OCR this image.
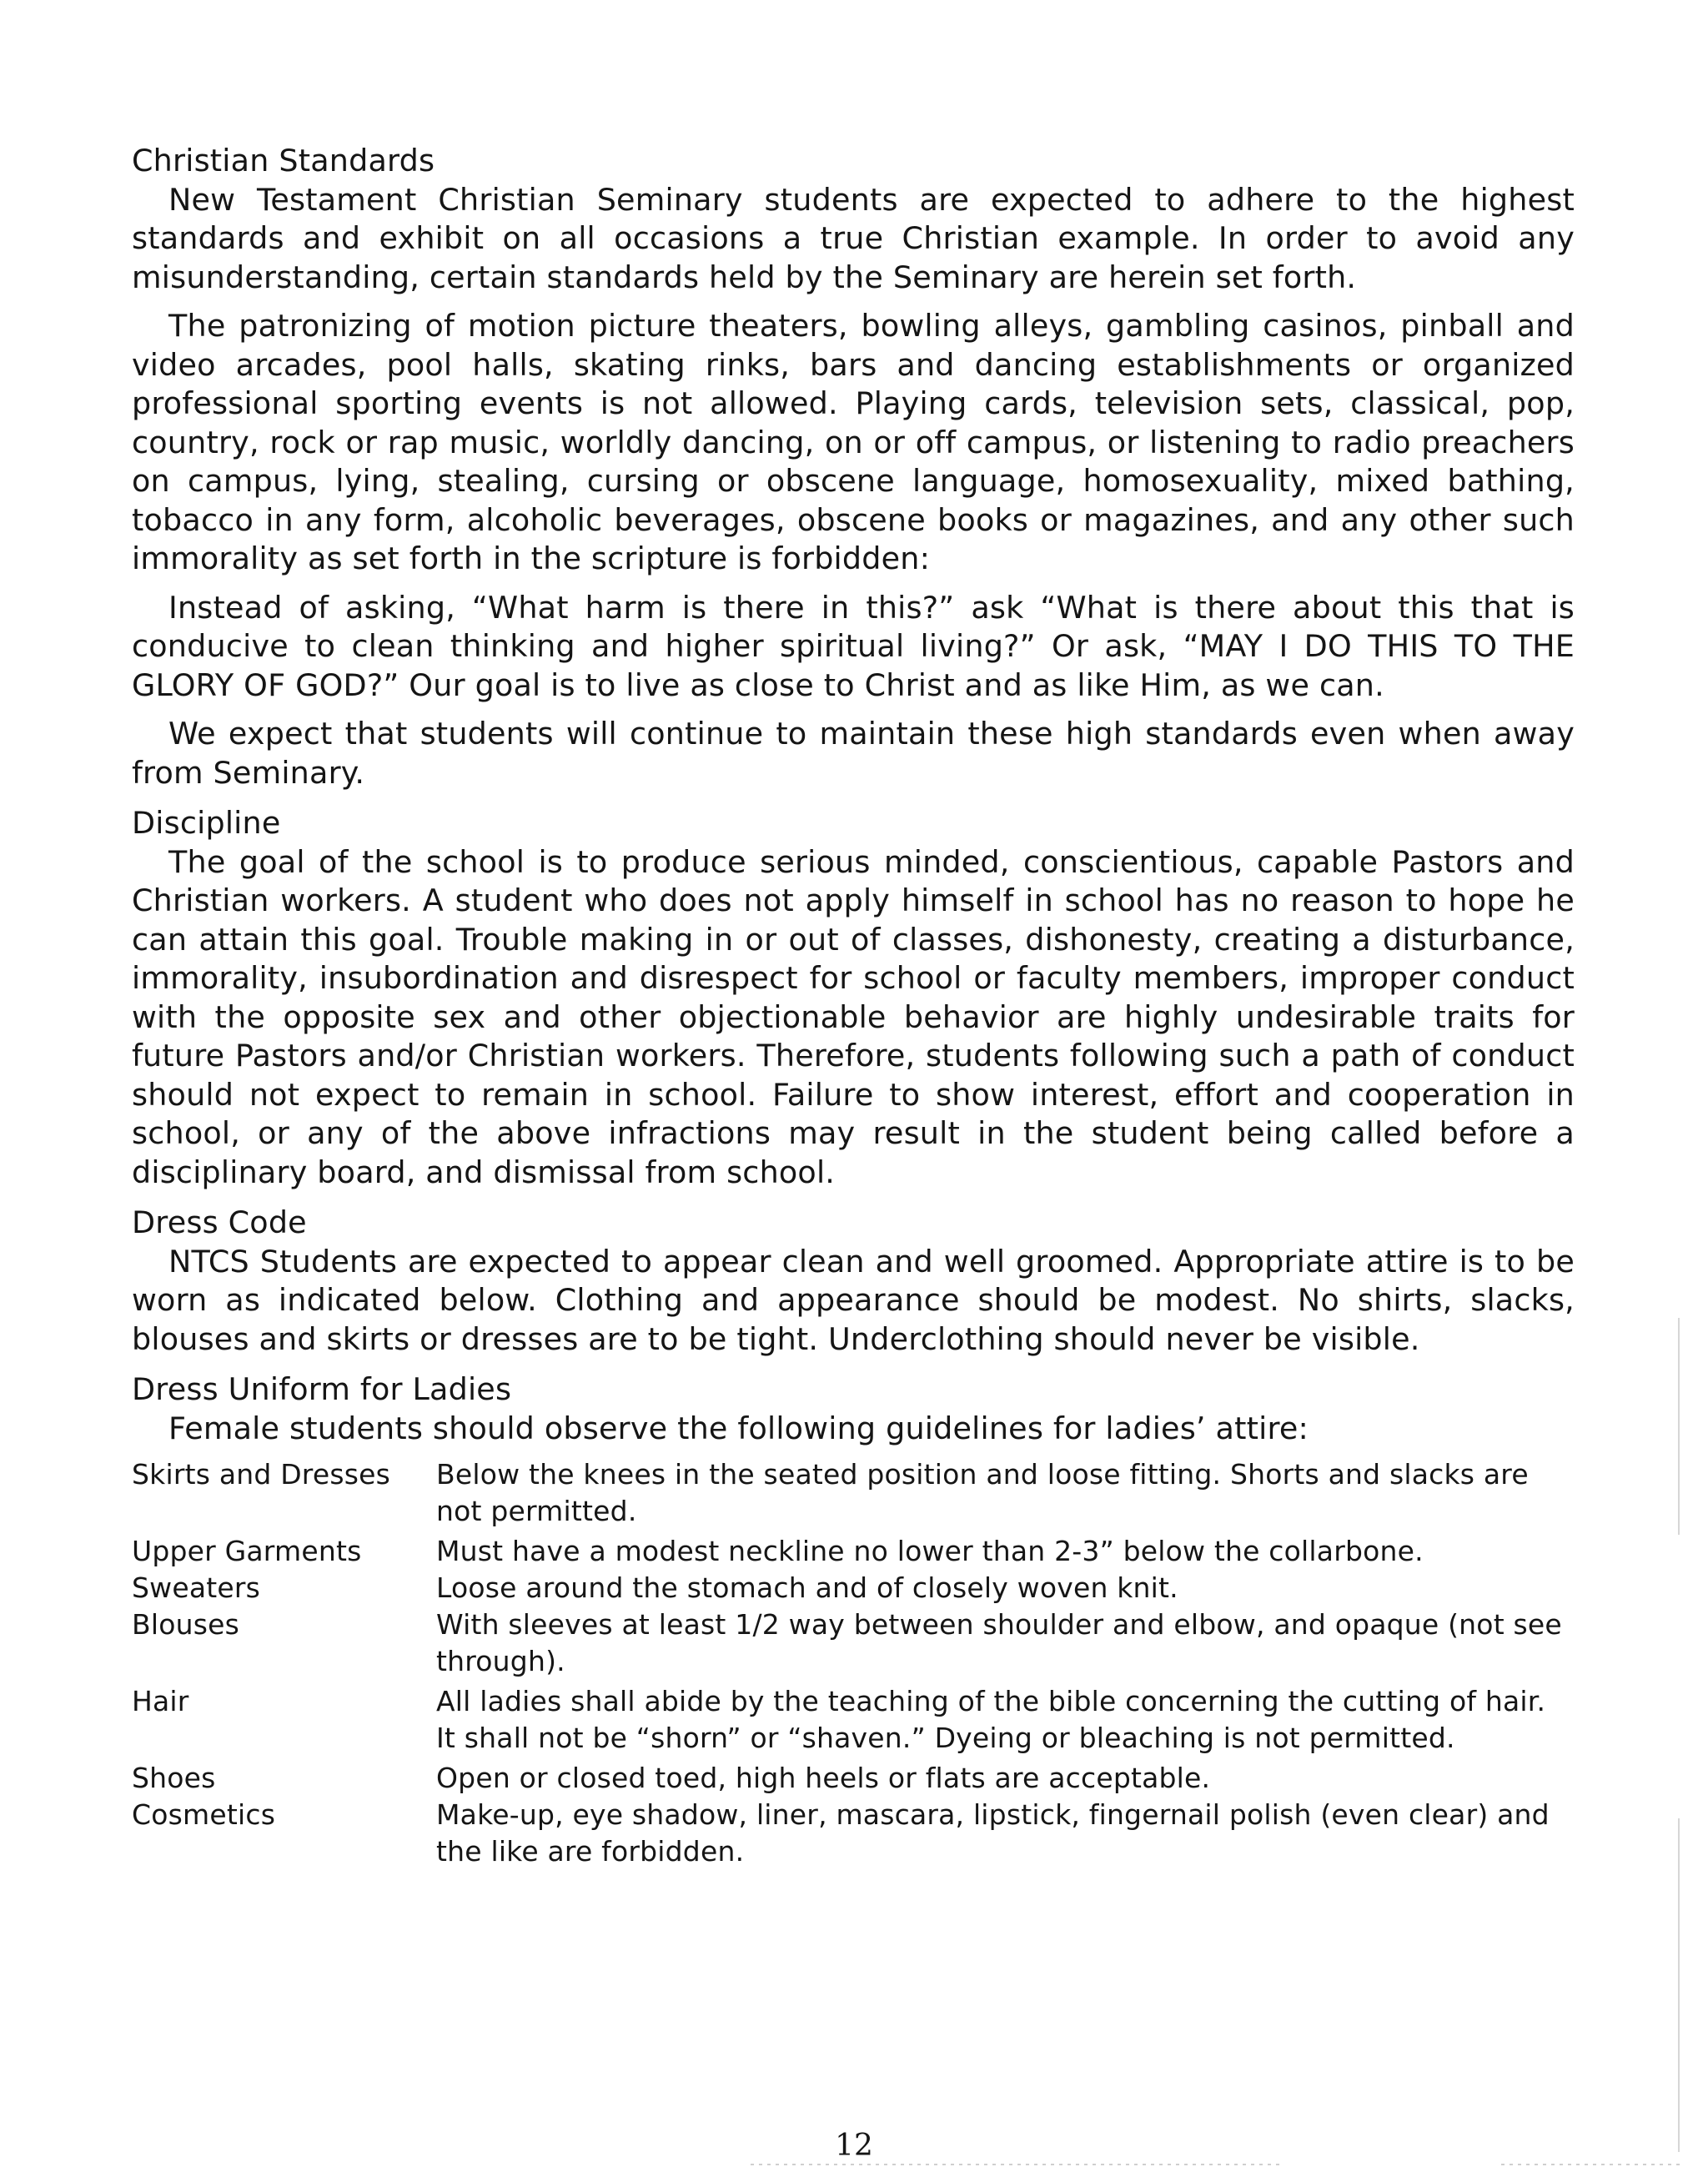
Christian Standards

New Testament Christian Seminary students are expected to adhere to the highest standards and exhibit on all occasions a true Christian example. In order to avoid any misunderstanding, certain standards held by the Seminary are herein set forth.

The patronizing of motion picture theaters, bowling alleys, gambling casinos, pinball and video arcades, pool halls, skating rinks, bars and dancing establishments or organized professional sporting events is not allowed. Playing cards, television sets, classical, pop, country, rock or rap music, worldly dancing, on or off campus, or listening to radio preachers on campus, lying, stealing, cursing or obscene language, homosexuality, mixed bathing, tobacco in any form, alcoholic beverages, obscene books or magazines, and any other such immorality as set forth in the scripture is forbidden:

Instead of asking, “What harm is there in this?” ask “What is there about this that is conducive to clean thinking and higher spiritual living?” Or ask, “MAY I DO THIS TO THE GLORY OF GOD?” Our goal is to live as close to Christ and as like Him, as we can.

We expect that students will continue to maintain these high standards even when away from Seminary.

Discipline

The goal of the school is to produce serious minded, conscientious, capable Pastors and Christian workers. A student who does not apply himself in school has no reason to hope he can attain this goal. Trouble making in or out of classes, dishonesty, creating a disturbance, immorality, insubordination and disrespect for school or faculty members, improper conduct with the opposite sex and other objectionable behavior are highly undesirable traits for future Pastors and/or Christian workers. Therefore, students following such a path of conduct should not expect to remain in school. Failure to show interest, effort and cooperation in school, or any of the above infractions may result in the student being called before a disciplinary board, and dismissal from school.

Dress Code

NTCS Students are expected to appear clean and well groomed. Appropriate attire is to be worn as indicated below. Clothing and appearance should be modest. No shirts, slacks, blouses and skirts or dresses are to be tight. Underclothing should never be visible.

Dress Uniform for Ladies

Female students should observe the following guidelines for ladies’ attire:

Skirts and Dresses	Below the knees in the seated position and loose fitting. Shorts and slacks are not permitted.
Upper Garments	Must have a modest neckline no lower than 2-3” below the collarbone.
Sweaters	Loose around the stomach and of closely woven knit.
Blouses	With sleeves at least 1/2 way between shoulder and elbow, and opaque (not see through).
Hair	All ladies shall abide by the teaching of the bible concerning the cutting of hair. It shall not be “shorn” or “shaven.” Dyeing or bleaching is not permitted.
Shoes	Open or closed toed, high heels or flats are acceptable.
Cosmetics	Make-up, eye shadow, liner, mascara, lipstick, fingernail polish (even clear) and the like are forbidden.
12
